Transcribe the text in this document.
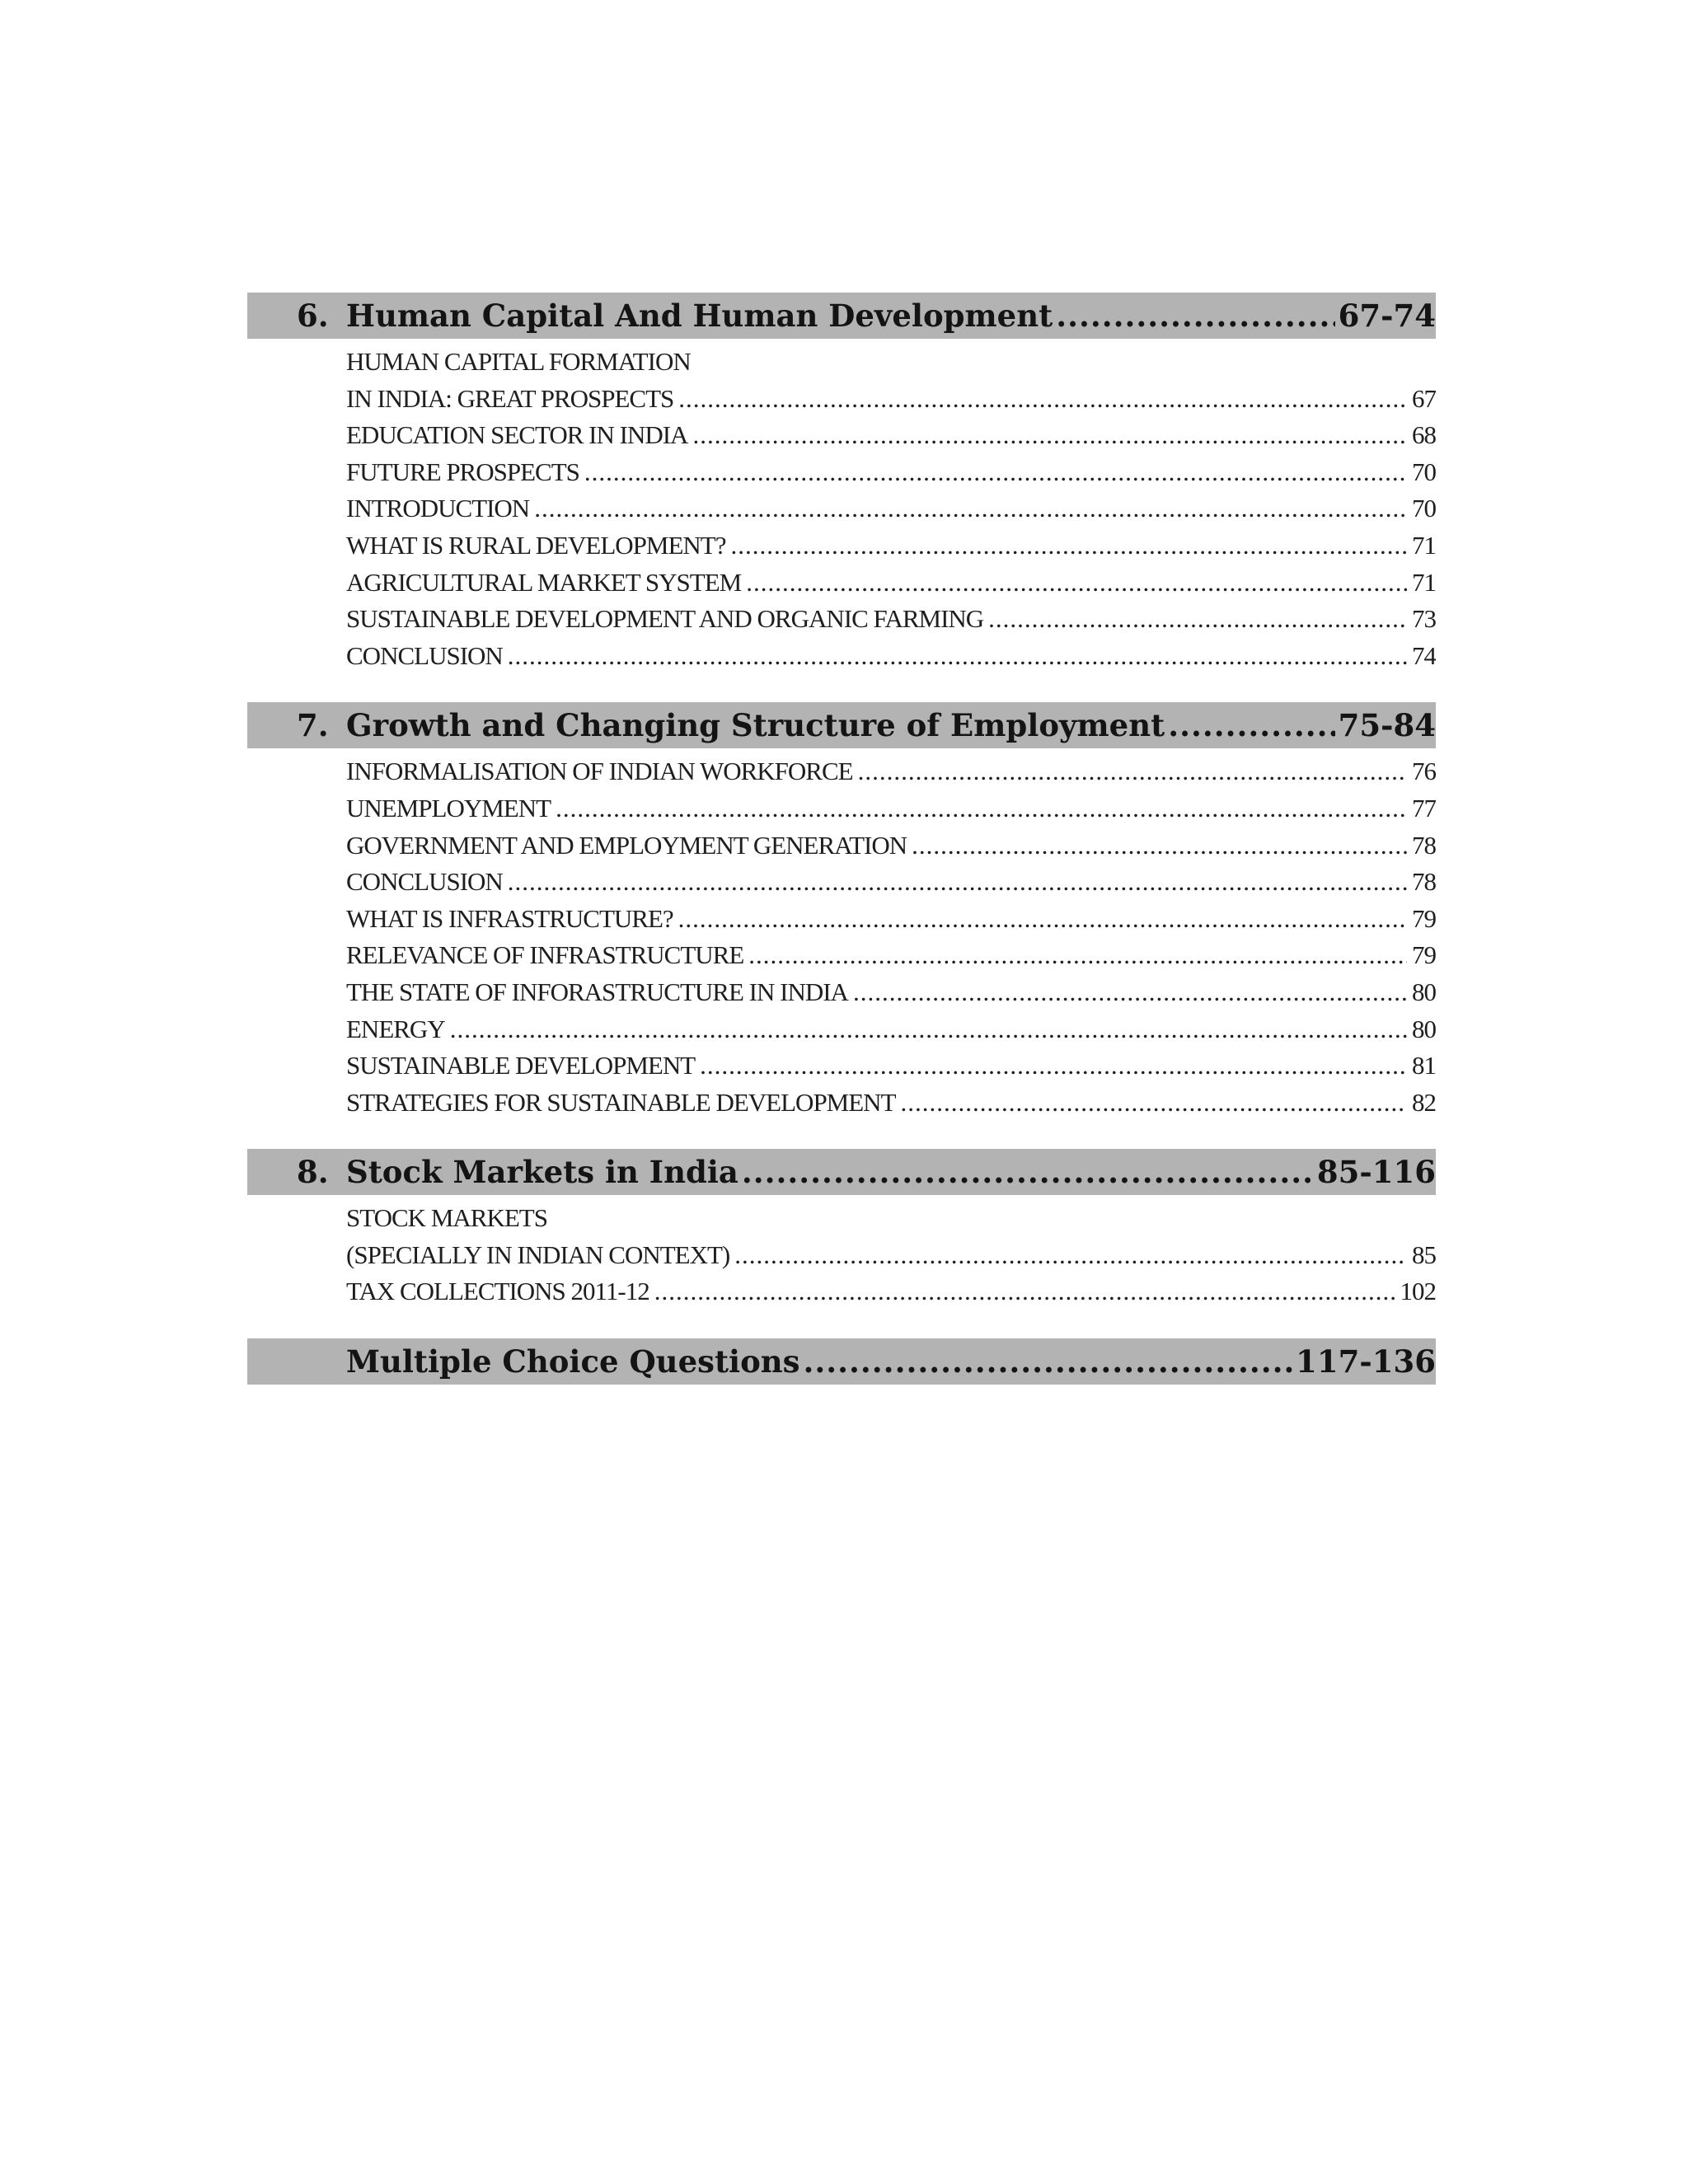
6. Human Capital And Human Development .....	67-74
HUMAN CAPITAL FORMATION
IN INDIA: GREAT PROSPECTS .....	67
EDUCATION SECTOR IN INDIA .....	68
FUTURE PROSPECTS .....	70
INTRODUCTION .....	70
WHAT IS RURAL DEVELOPMENT? .....	71
AGRICULTURAL MARKET SYSTEM .....	71
SUSTAINABLE DEVELOPMENT AND ORGANIC FARMING .....	73
CONCLUSION .....	74
7. Growth and Changing Structure of Employment .....	75-84
INFORMALISATION OF INDIAN WORKFORCE .....	76
UNEMPLOYMENT .....	77
GOVERNMENT AND EMPLOYMENT GENERATION .....	78
CONCLUSION .....	78
WHAT IS INFRASTRUCTURE? .....	79
RELEVANCE OF INFRASTRUCTURE .....	79
THE STATE OF INFORASTRUCTURE IN INDIA .....	80
ENERGY .....	80
SUSTAINABLE DEVELOPMENT .....	81
STRATEGIES FOR SUSTAINABLE DEVELOPMENT .....	82
8. Stock Markets in India .....	85-116
STOCK MARKETS
(SPECIALLY IN INDIAN CONTEXT) .....	85
TAX COLLECTIONS 2011-12 .....	102
Multiple Choice Questions .....	117-136
